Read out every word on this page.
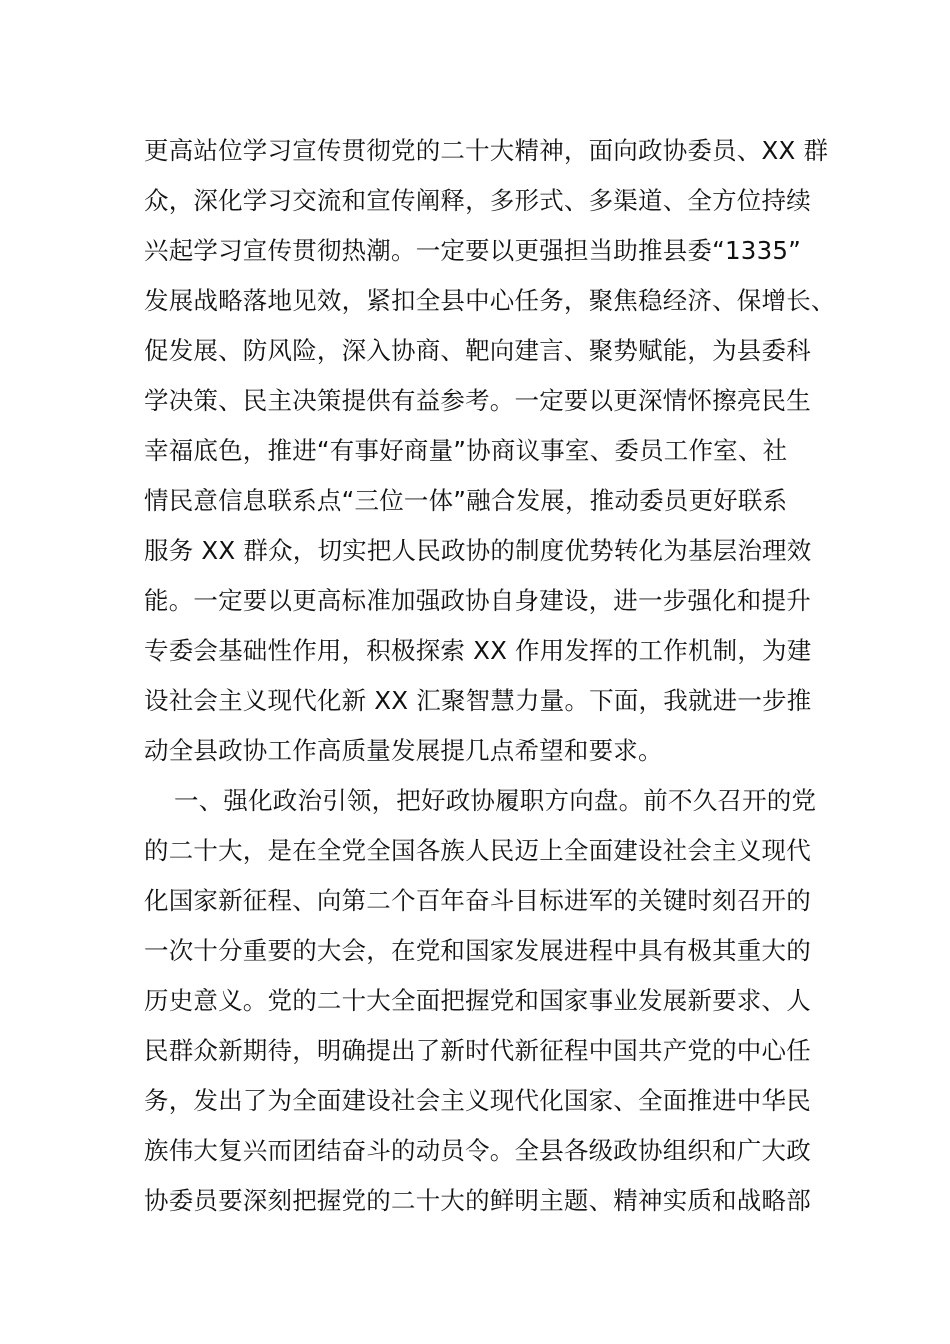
更高站位学习宣传贯彻党的二十大精神，面向政协委员、XX 群
众，深化学习交流和宣传阐释，多形式、多渠道、全方位持续
兴起学习宣传贯彻热潮。一定要以更强担当助推县委“1335”
发展战略落地见效，紧扣全县中心任务，聚焦稳经济、保增长、
促发展、防风险，深入协商、靶向建言、聚势赋能，为县委科
学决策、民主决策提供有益参考。一定要以更深情怀擦亮民生
幸福底色，推进“有事好商量”协商议事室、委员工作室、社
情民意信息联系点“三位一体”融合发展，推动委员更好联系
服务 XX 群众，切实把人民政协的制度优势转化为基层治理效
能。一定要以更高标准加强政协自身建设，进一步强化和提升
专委会基础性作用，积极探索 XX 作用发挥的工作机制，为建
设社会主义现代化新 XX 汇聚智慧力量。下面，我就进一步推
动全县政协工作高质量发展提几点希望和要求。
一、强化政治引领，把好政协履职方向盘。前不久召开的党
的二十大，是在全党全国各族人民迈上全面建设社会主义现代
化国家新征程、向第二个百年奋斗目标进军的关键时刻召开的
一次十分重要的大会，在党和国家发展进程中具有极其重大的
历史意义。党的二十大全面把握党和国家事业发展新要求、人
民群众新期待，明确提出了新时代新征程中国共产党的中心任
务，发出了为全面建设社会主义现代化国家、全面推进中华民
族伟大复兴而团结奋斗的动员令。全县各级政协组织和广大政
协委员要深刻把握党的二十大的鲜明主题、精神实质和战略部
